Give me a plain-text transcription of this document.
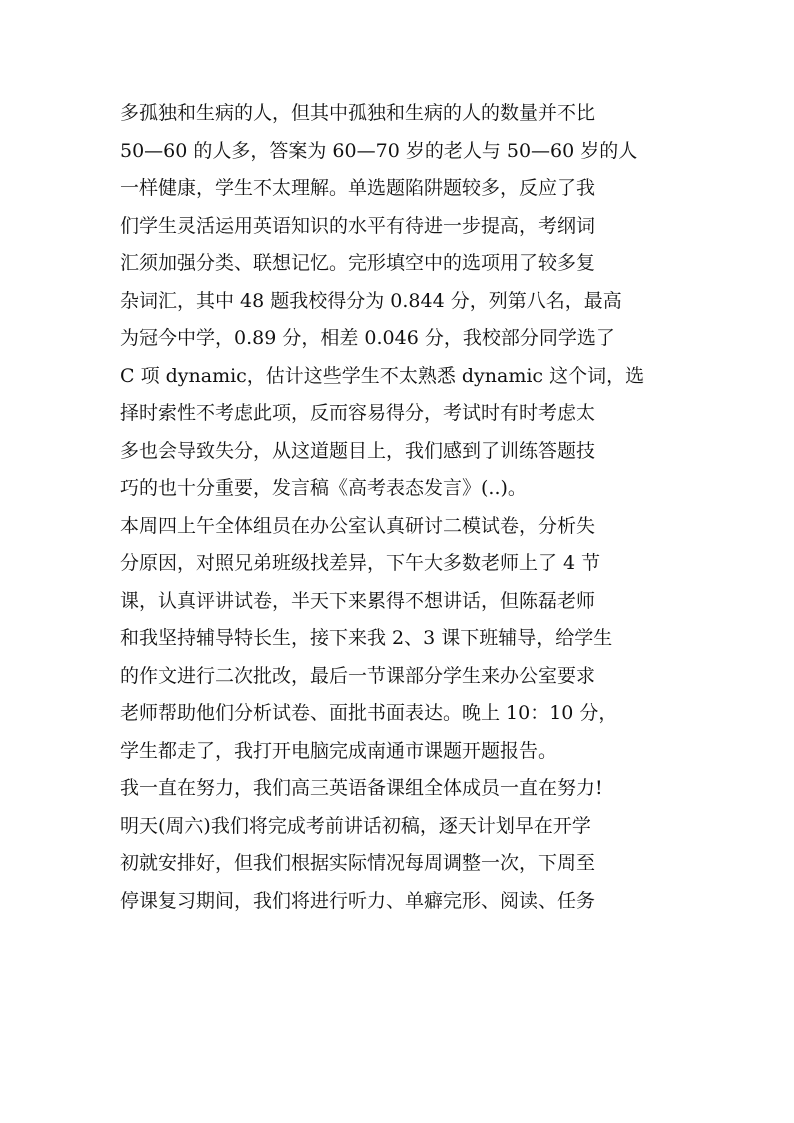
多孤独和生病的人，但其中孤独和生病的人的数量并不比
50—60 的人多，答案为 60—70 岁的老人与 50—60 岁的人
一样健康，学生不太理解。单选题陷阱题较多，反应了我
们学生灵活运用英语知识的水平有待进一步提高，考纲词
汇须加强分类、联想记忆。完形填空中的选项用了较多复
杂词汇，其中 48 题我校得分为 0.844 分，列第八名，最高
为冠今中学，0.89 分，相差 0.046 分，我校部分同学选了
C 项 dynamic，估计这些学生不太熟悉 dynamic 这个词，选
择时索性不考虑此项，反而容易得分，考试时有时考虑太
多也会导致失分，从这道题目上，我们感到了训练答题技
巧的也十分重要，发言稿《高考表态发言》(..)。
本周四上午全体组员在办公室认真研讨二模试卷，分析失
分原因，对照兄弟班级找差异，下午大多数老师上了 4 节
课，认真评讲试卷，半天下来累得不想讲话，但陈磊老师
和我坚持辅导特长生，接下来我 2、3 课下班辅导，给学生
的作文进行二次批改，最后一节课部分学生来办公室要求
老师帮助他们分析试卷、面批书面表达。晚上 10：10 分，
学生都走了，我打开电脑完成南通市课题开题报告。
我一直在努力，我们高三英语备课组全体成员一直在努力!
明天(周六)我们将完成考前讲话初稿，逐天计划早在开学
初就安排好，但我们根据实际情况每周调整一次，下周至
停课复习期间，我们将进行听力、单癖完形、阅读、任务
